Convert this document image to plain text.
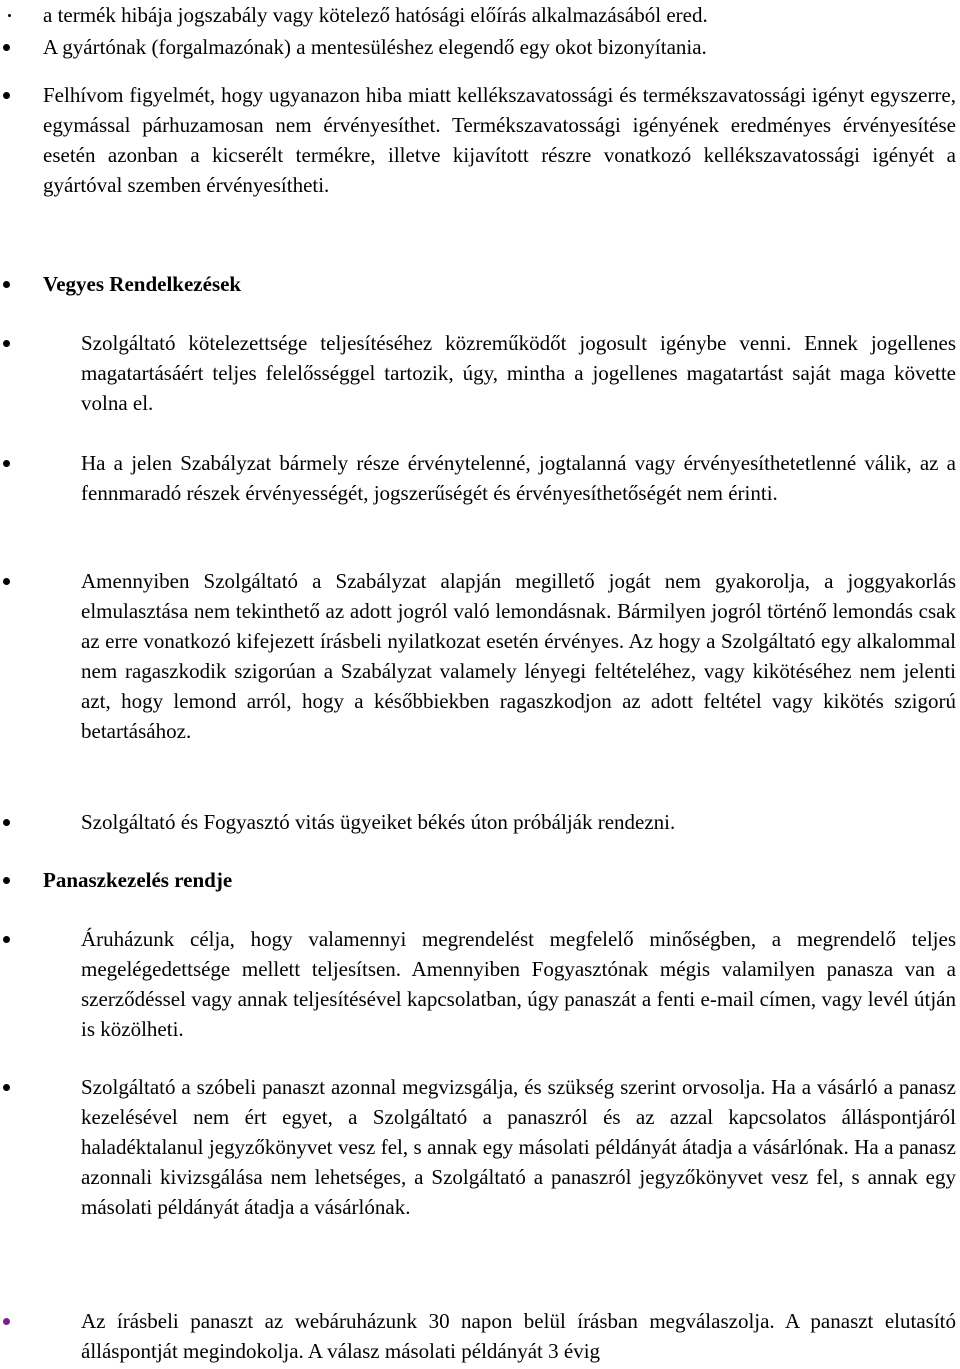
a termék hibája jogszabály vagy kötelező hatósági előírás alkalmazásából ered.
A gyártónak (forgalmazónak) a mentesüléshez elegendő egy okot bizonyítania.
Felhívom figyelmét, hogy ugyanazon hiba miatt kellékszavatossági és termékszavatossági igényt egyszerre, egymással párhuzamosan nem érvényesíthet. Termékszavatossági igényének eredményes érvényesítése esetén azonban a kicserélt termékre, illetve kijavított részre vonatkozó kellékszavatossági igényét a gyártóval szemben érvényesítheti.
Vegyes Rendelkezések
Szolgáltató kötelezettsége teljesítéséhez közreműködőt jogosult igénybe venni. Ennek jogellenes magatartásáért teljes felelősséggel tartozik, úgy, mintha a jogellenes magatartást saját maga követte volna el.
Ha a jelen Szabályzat bármely része érvénytelenné, jogtalanná vagy érvényesíthetetlenné válik, az a fennmaradó részek érvényességét, jogszerűségét és érvényesíthetőségét nem érinti.
Amennyiben Szolgáltató a Szabályzat alapján megillető jogát nem gyakorolja, a joggyakorlás elmulasztása nem tekinthető az adott jogról való lemondásnak. Bármilyen jogról történő lemondás csak az erre vonatkozó kifejezett írásbeli nyilatkozat esetén érvényes. Az hogy a Szolgáltató egy alkalommal nem ragaszkodik szigorúan a Szabályzat valamely lényegi feltételéhez, vagy kikötéséhez nem jelenti azt, hogy lemond arról, hogy a későbbiekben ragaszkodjon az adott feltétel vagy kikötés szigorú betartásához.
Szolgáltató és Fogyasztó vitás ügyeiket békés úton próbálják rendezni.
Panaszkezelés rendje
Áruházunk célja, hogy valamennyi megrendelést megfelelő minőségben, a megrendelő teljes megelégedettsége mellett teljesítsen. Amennyiben Fogyasztónak mégis valamilyen panasza van a szerződéssel vagy annak teljesítésével kapcsolatban, úgy panaszát a fenti e-mail címen, vagy levél útján is közölheti.
Szolgáltató a szóbeli panaszt azonnal megvizsgálja, és szükség szerint orvosolja. Ha a vásárló a panasz kezelésével nem ért egyet, a Szolgáltató a panaszról és az azzal kapcsolatos álláspontjáról haladéktalanul jegyzőkönyvet vesz fel, s annak egy másolati példányát átadja a vásárlónak. Ha a panasz azonnali kivizsgálása nem lehetséges, a Szolgáltató a panaszról jegyzőkönyvet vesz fel, s annak egy másolati példányát átadja a vásárlónak.
Az írásbeli panaszt az webáruházunk 30 napon belül írásban megválaszolja. A panaszt elutasító álláspontját megindokolja. A válasz másolati példányát 3 évig
